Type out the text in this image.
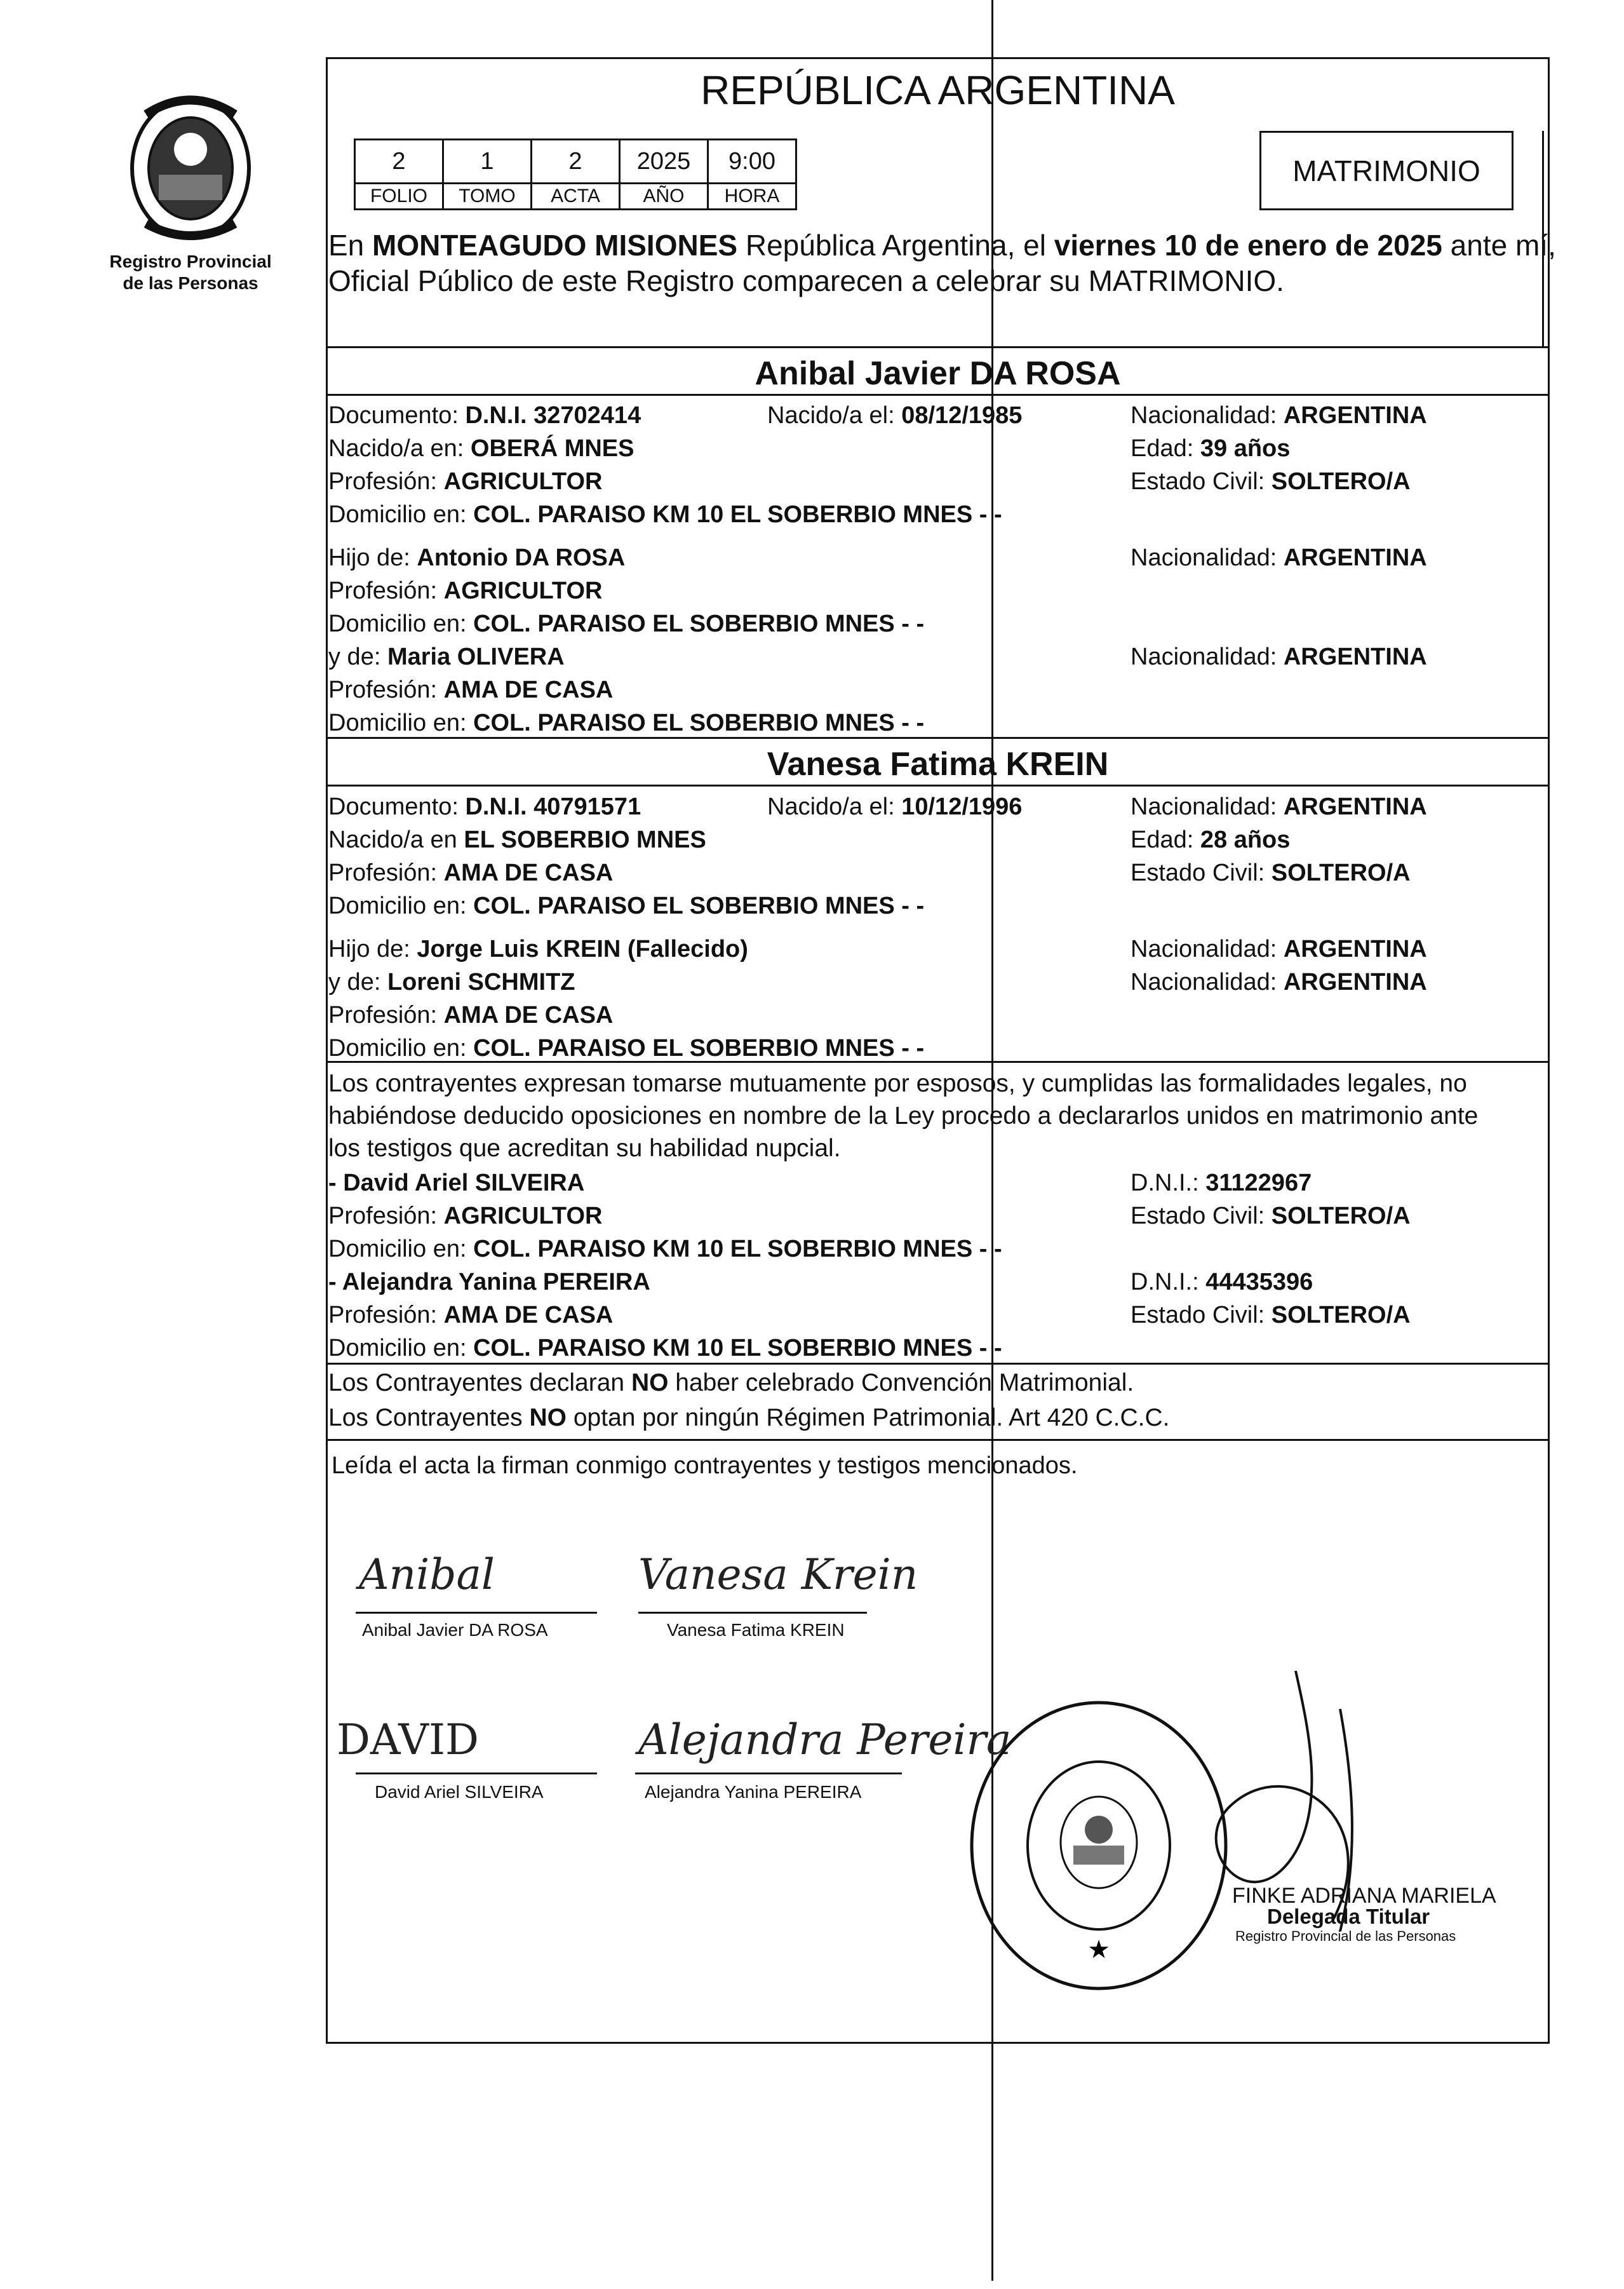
Registro Provincial
de las Personas
REPÚBLICA ARGENTINA
2	1	2	2025	9:00
FOLIO	TOMO	ACTA	AÑO	HORA
MATRIMONIO
En MONTEAGUDO MISIONES República Argentina, el viernes 10 de enero de 2025 ante mí,
Oficial Público de este Registro comparecen a celebrar su MATRIMONIO.
Anibal Javier DA ROSA
Documento: D.N.I. 32702414	Nacido/a el: 08/12/1985	Nacionalidad: ARGENTINA
Nacido/a en: OBERÁ MNES	Edad: 39 años
Profesión: AGRICULTOR	Estado Civil: SOLTERO/A
Domicilio en: COL. PARAISO KM 10 EL SOBERBIO MNES - -
Hijo de: Antonio DA ROSA	Nacionalidad: ARGENTINA
Profesión: AGRICULTOR
Domicilio en: COL. PARAISO EL SOBERBIO MNES - -
y de: Maria OLIVERA	Nacionalidad: ARGENTINA
Profesión: AMA DE CASA
Domicilio en: COL. PARAISO EL SOBERBIO MNES - -
Vanesa Fatima KREIN
Documento: D.N.I. 40791571	Nacido/a el: 10/12/1996	Nacionalidad: ARGENTINA
Nacido/a en EL SOBERBIO MNES	Edad: 28 años
Profesión: AMA DE CASA	Estado Civil: SOLTERO/A
Domicilio en: COL. PARAISO EL SOBERBIO MNES - -
Hijo de: Jorge Luis KREIN (Fallecido)	Nacionalidad: ARGENTINA
y de: Loreni SCHMITZ	Nacionalidad: ARGENTINA
Profesión: AMA DE CASA
Domicilio en: COL. PARAISO EL SOBERBIO MNES - -
Los contrayentes expresan tomarse mutuamente por esposos, y cumplidas las formalidades legales, no
habiéndose deducido oposiciones en nombre de la Ley procedo a declararlos unidos en matrimonio ante
los testigos que acreditan su habilidad nupcial.
- David Ariel SILVEIRA	D.N.I.: 31122967
Profesión: AGRICULTOR	Estado Civil: SOLTERO/A
Domicilio en: COL. PARAISO KM 10 EL SOBERBIO MNES - -
- Alejandra Yanina PEREIRA	D.N.I.: 44435396
Profesión: AMA DE CASA	Estado Civil: SOLTERO/A
Domicilio en: COL. PARAISO KM 10 EL SOBERBIO MNES - -
Los Contrayentes declaran NO haber celebrado Convención Matrimonial.
Los Contrayentes NO optan por ningún Régimen Patrimonial. Art 420 C.C.C.
Leída el acta la firman conmigo contrayentes y testigos mencionados.
Anibal
Anibal Javier DA ROSA
Vanesa Krein
Vanesa Fatima KREIN
DAVID
David Ariel SILVEIRA
Alejandra Pereira
Alejandra Yanina PEREIRA
★
FINKE ADRIANA MARIELA
Delegada Titular
Registro Provincial de las Personas
